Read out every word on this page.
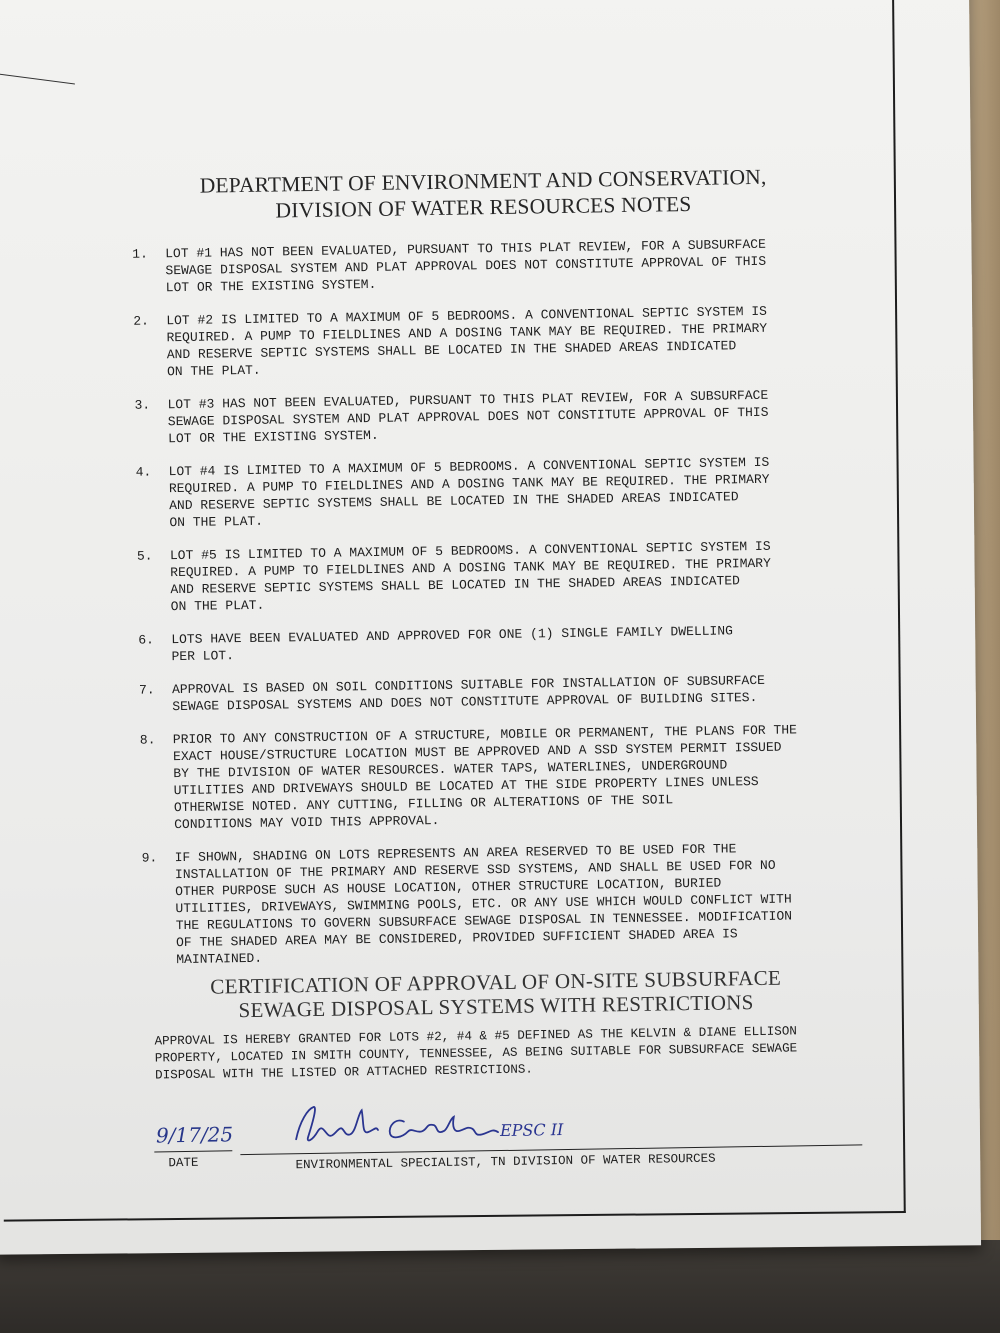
DEPARTMENT OF ENVIRONMENT AND CONSERVATION,
DIVISION OF WATER RESOURCES NOTES
1. LOT #1 HAS NOT BEEN EVALUATED, PURSUANT TO THIS PLAT REVIEW, FOR A SUBSURFACE
SEWAGE DISPOSAL SYSTEM AND PLAT APPROVAL DOES NOT CONSTITUTE APPROVAL OF THIS
LOT OR THE EXISTING SYSTEM.
2. LOT #2 IS LIMITED TO A MAXIMUM OF 5 BEDROOMS. A CONVENTIONAL SEPTIC SYSTEM IS
REQUIRED. A PUMP TO FIELDLINES AND A DOSING TANK MAY BE REQUIRED. THE PRIMARY
AND RESERVE SEPTIC SYSTEMS SHALL BE LOCATED IN THE SHADED AREAS INDICATED
ON THE PLAT.
3. LOT #3 HAS NOT BEEN EVALUATED, PURSUANT TO THIS PLAT REVIEW, FOR A SUBSURFACE
SEWAGE DISPOSAL SYSTEM AND PLAT APPROVAL DOES NOT CONSTITUTE APPROVAL OF THIS
LOT OR THE EXISTING SYSTEM.
4. LOT #4 IS LIMITED TO A MAXIMUM OF 5 BEDROOMS. A CONVENTIONAL SEPTIC SYSTEM IS
REQUIRED. A PUMP TO FIELDLINES AND A DOSING TANK MAY BE REQUIRED. THE PRIMARY
AND RESERVE SEPTIC SYSTEMS SHALL BE LOCATED IN THE SHADED AREAS INDICATED
ON THE PLAT.
5. LOT #5 IS LIMITED TO A MAXIMUM OF 5 BEDROOMS. A CONVENTIONAL SEPTIC SYSTEM IS
REQUIRED. A PUMP TO FIELDLINES AND A DOSING TANK MAY BE REQUIRED. THE PRIMARY
AND RESERVE SEPTIC SYSTEMS SHALL BE LOCATED IN THE SHADED AREAS INDICATED
ON THE PLAT.
6. LOTS HAVE BEEN EVALUATED AND APPROVED FOR ONE (1) SINGLE FAMILY DWELLING
PER LOT.
7. APPROVAL IS BASED ON SOIL CONDITIONS SUITABLE FOR INSTALLATION OF SUBSURFACE
SEWAGE DISPOSAL SYSTEMS AND DOES NOT CONSTITUTE APPROVAL OF BUILDING SITES.
8. PRIOR TO ANY CONSTRUCTION OF A STRUCTURE, MOBILE OR PERMANENT, THE PLANS FOR THE
EXACT HOUSE/STRUCTURE LOCATION MUST BE APPROVED AND A SSD SYSTEM PERMIT ISSUED
BY THE DIVISION OF WATER RESOURCES. WATER TAPS, WATERLINES, UNDERGROUND
UTILITIES AND DRIVEWAYS SHOULD BE LOCATED AT THE SIDE PROPERTY LINES UNLESS
OTHERWISE NOTED. ANY CUTTING, FILLING OR ALTERATIONS OF THE SOIL
CONDITIONS MAY VOID THIS APPROVAL.
9. IF SHOWN, SHADING ON LOTS REPRESENTS AN AREA RESERVED TO BE USED FOR THE
INSTALLATION OF THE PRIMARY AND RESERVE SSD SYSTEMS, AND SHALL BE USED FOR NO
OTHER PURPOSE SUCH AS HOUSE LOCATION, OTHER STRUCTURE LOCATION, BURIED
UTILITIES, DRIVEWAYS, SWIMMING POOLS, ETC. OR ANY USE WHICH WOULD CONFLICT WITH
THE REGULATIONS TO GOVERN SUBSURFACE SEWAGE DISPOSAL IN TENNESSEE. MODIFICATION
OF THE SHADED AREA MAY BE CONSIDERED, PROVIDED SUFFICIENT SHADED AREA IS
MAINTAINED.
CERTIFICATION OF APPROVAL OF ON-SITE SUBSURFACE
SEWAGE DISPOSAL SYSTEMS WITH RESTRICTIONS
APPROVAL IS HEREBY GRANTED FOR LOTS #2, #4 & #5 DEFINED AS THE KELVIN & DIANE ELLISON
PROPERTY, LOCATED IN SMITH COUNTY, TENNESSEE, AS BEING SUITABLE FOR SUBSURFACE SEWAGE
DISPOSAL WITH THE LISTED OR ATTACHED RESTRICTIONS.
9/17/25
DATE
EPSC II
ENVIRONMENTAL SPECIALIST, TN DIVISION OF WATER RESOURCES
